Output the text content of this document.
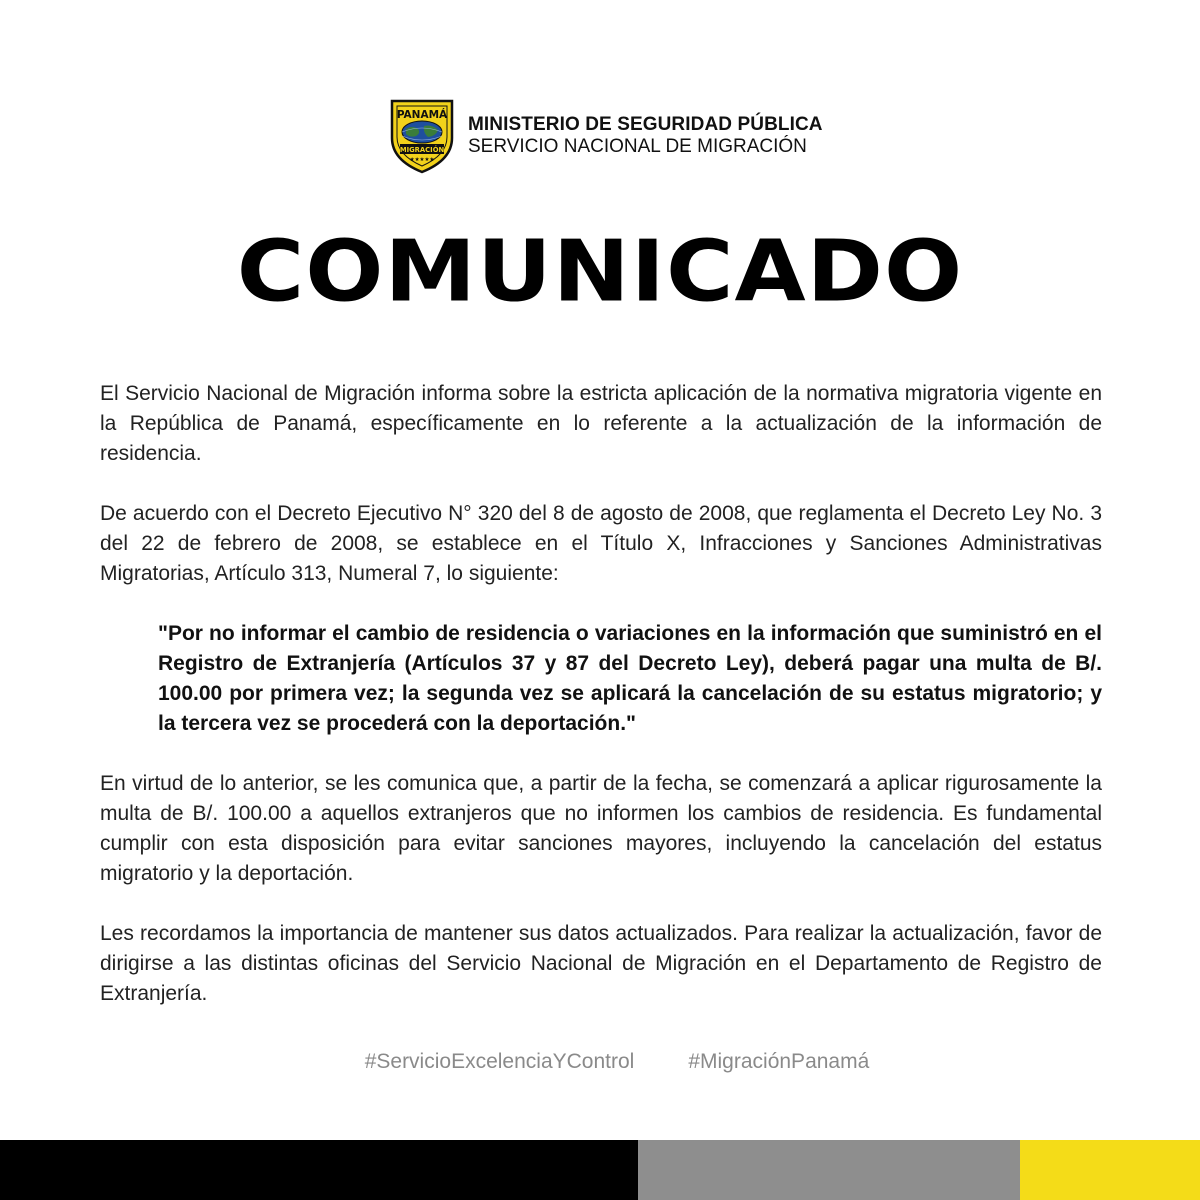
PANAMÁ
MIGRACIÓN
★★★★★
MINISTERIO DE SEGURIDAD PÚBLICA
SERVICIO NACIONAL DE MIGRACIÓN
COMUNICADO

El Servicio Nacional de Migración informa sobre la estricta aplicación de la normativa migratoria vigente en la República de Panamá, específicamente en lo referente a la actualización de la información de residencia.

De acuerdo con el Decreto Ejecutivo N° 320 del 8 de agosto de 2008, que reglamenta el Decreto Ley No. 3 del 22 de febrero de 2008, se establece en el Título X, Infracciones y Sanciones Administrativas Migratorias, Artículo 313, Numeral 7, lo siguiente:

"Por no informar el cambio de residencia o variaciones en la información que suministró en el Registro de Extranjería (Artículos 37 y 87 del Decreto Ley), deberá pagar una multa de B/. 100.00 por primera vez; la segunda vez se aplicará la cancelación de su estatus migratorio; y la tercera vez se procederá con la deportación."

En virtud de lo anterior, se les comunica que, a partir de la fecha, se comenzará a aplicar rigurosamente la multa de B/. 100.00 a aquellos extranjeros que no informen los cambios de residencia. Es fundamental cumplir con esta disposición para evitar sanciones mayores, incluyendo la cancelación del estatus migratorio y la deportación.

Les recordamos la importancia de mantener sus datos actualizados. Para realizar la actualización, favor de dirigirse a las distintas oficinas del Servicio Nacional de Migración en el Departamento de Registro de Extranjería.

#ServicioExcelenciaYControl	#MigraciónPanamá
